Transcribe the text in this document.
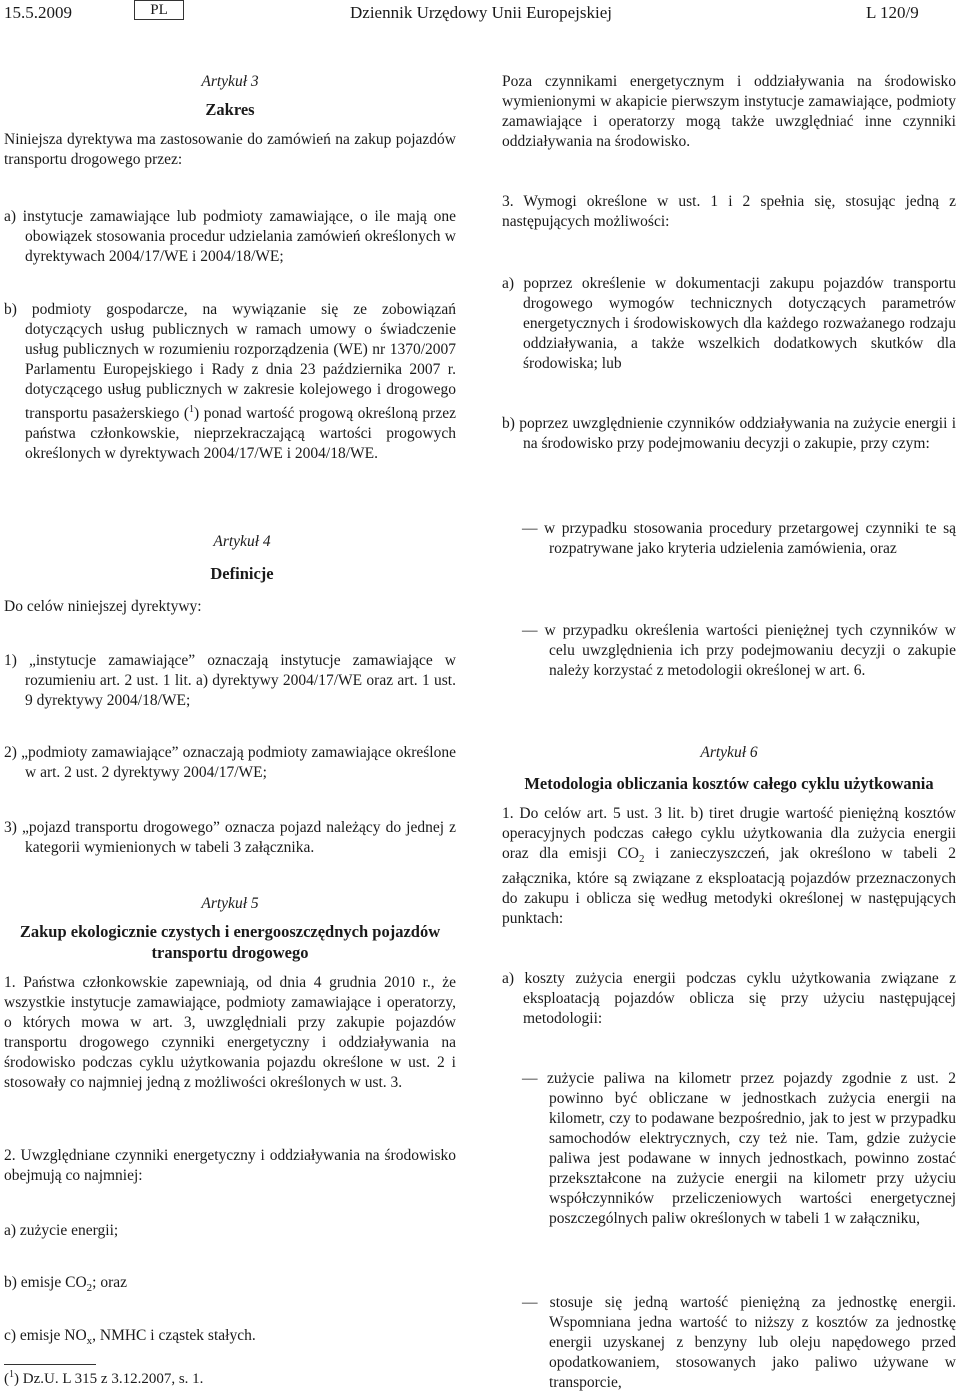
15.5.2009	PL	Dziennik Urzędowy Unii Europejskiej	L 120/9
Artykuł 3
Zakres
Niniejsza dyrektywa ma zastosowanie do zamówień na zakup pojazdów transportu drogowego przez:
a) instytucje zamawiające lub podmioty zamawiające, o ile mają one obowiązek stosowania procedur udzielania zamówień określonych w dyrektywach 2004/17/WE i 2004/18/WE;
b) podmioty gospodarcze, na wywiązanie się ze zobowiązań dotyczących usług publicznych w ramach umowy o świadczenie usług publicznych w rozumieniu rozporządzenia (WE) nr 1370/2007 Parlamentu Europejskiego i Rady z dnia 23 października 2007 r. dotyczącego usług publicznych w zakresie kolejowego i drogowego transportu pasażerskiego ($^1$) ponad wartość progową określoną przez państwa członkowskie, nieprzekraczającą wartości progowych określonych w dyrektywach 2004/17/WE i 2004/18/WE.
Artykuł 4
Definicje
Do celów niniejszej dyrektywy:
1) „instytucje zamawiające” oznaczają instytucje zamawiające w rozumieniu art. 2 ust. 1 lit. a) dyrektywy 2004/17/WE oraz art. 1 ust. 9 dyrektywy 2004/18/WE;
2) „podmioty zamawiające” oznaczają podmioty zamawiające określone w art. 2 ust. 2 dyrektywy 2004/17/WE;
3) „pojazd transportu drogowego” oznacza pojazd należący do jednej z kategorii wymienionych w tabeli 3 załącznika.
Artykuł 5
Zakup ekologicznie czystych i energooszczędnych pojazdów transportu drogowego
1. Państwa członkowskie zapewniają, od dnia 4 grudnia 2010 r., że wszystkie instytucje zamawiające, podmioty zamawiające i operatorzy, o których mowa w art. 3, uwzględniali przy zakupie pojazdów transportu drogowego czynniki energetyczny i oddziaływania na środowisko podczas cyklu użytkowania pojazdu określone w ust. 2 i stosowały co najmniej jedną z możliwości określonych w ust. 3.
2. Uwzględniane czynniki energetyczny i oddziaływania na środowisko obejmują co najmniej:
a) zużycie energii;
b) emisje $CO_2$; oraz
c) emisje $NO_x$, NMHC i cząstek stałych.
($^1$) Dz.U. L 315 z 3.12.2007, s. 1.
Poza czynnikami energetycznym i oddziaływania na środowisko wymienionymi w akapicie pierwszym instytucje zamawiające, podmioty zamawiające i operatorzy mogą także uwzględniać inne czynniki oddziaływania na środowisko.
3. Wymogi określone w ust. 1 i 2 spełnia się, stosując jedną z następujących możliwości:
a) poprzez określenie w dokumentacji zakupu pojazdów transportu drogowego wymogów technicznych dotyczących parametrów energetycznych i środowiskowych dla każdego rozważanego rodzaju oddziaływania, a także wszelkich dodatkowych skutków dla środowiska; lub
b) poprzez uwzględnienie czynników oddziaływania na zużycie energii i na środowisko przy podejmowaniu decyzji o zakupie, przy czym:
— w przypadku stosowania procedury przetargowej czynniki te są rozpatrywane jako kryteria udzielenia zamówienia, oraz
— w przypadku określenia wartości pieniężnej tych czynników w celu uwzględnienia ich przy podejmowaniu decyzji o zakupie należy korzystać z metodologii określonej w art. 6.
Artykuł 6
Metodologia obliczania kosztów całego cyklu użytkowania
1. Do celów art. 5 ust. 3 lit. b) tiret drugie wartość pieniężną kosztów operacyjnych podczas całego cyklu użytkowania dla zużycia energii oraz dla emisji $CO_2$ i zanieczyszczeń, jak określono w tabeli 2 załącznika, które są związane z eksploatacją pojazdów przeznaczonych do zakupu i oblicza się według metodyki określonej w następujących punktach:
a) koszty zużycia energii podczas cyklu użytkowania związane z eksploatacją pojazdów oblicza się przy użyciu następującej metodologii:
— zużycie paliwa na kilometr przez pojazdy zgodnie z ust. 2 powinno być obliczane w jednostkach zużycia energii na kilometr, czy to podawane bezpośrednio, jak to jest w przypadku samochodów elektrycznych, czy też nie. Tam, gdzie zużycie paliwa jest podawane w innych jednostkach, powinno zostać przekształcone na zużycie energii na kilometr przy użyciu współczynników przeliczeniowych wartości energetycznej poszczególnych paliw określonych w tabeli 1 w załączniku,
— stosuje się jedną wartość pieniężną za jednostkę energii. Wspomniana jedna wartość to niższy z kosztów za jednostkę energii uzyskanej z benzyny lub oleju napędowego przed opodatkowaniem, stosowanych jako paliwo używane w transporcie,
